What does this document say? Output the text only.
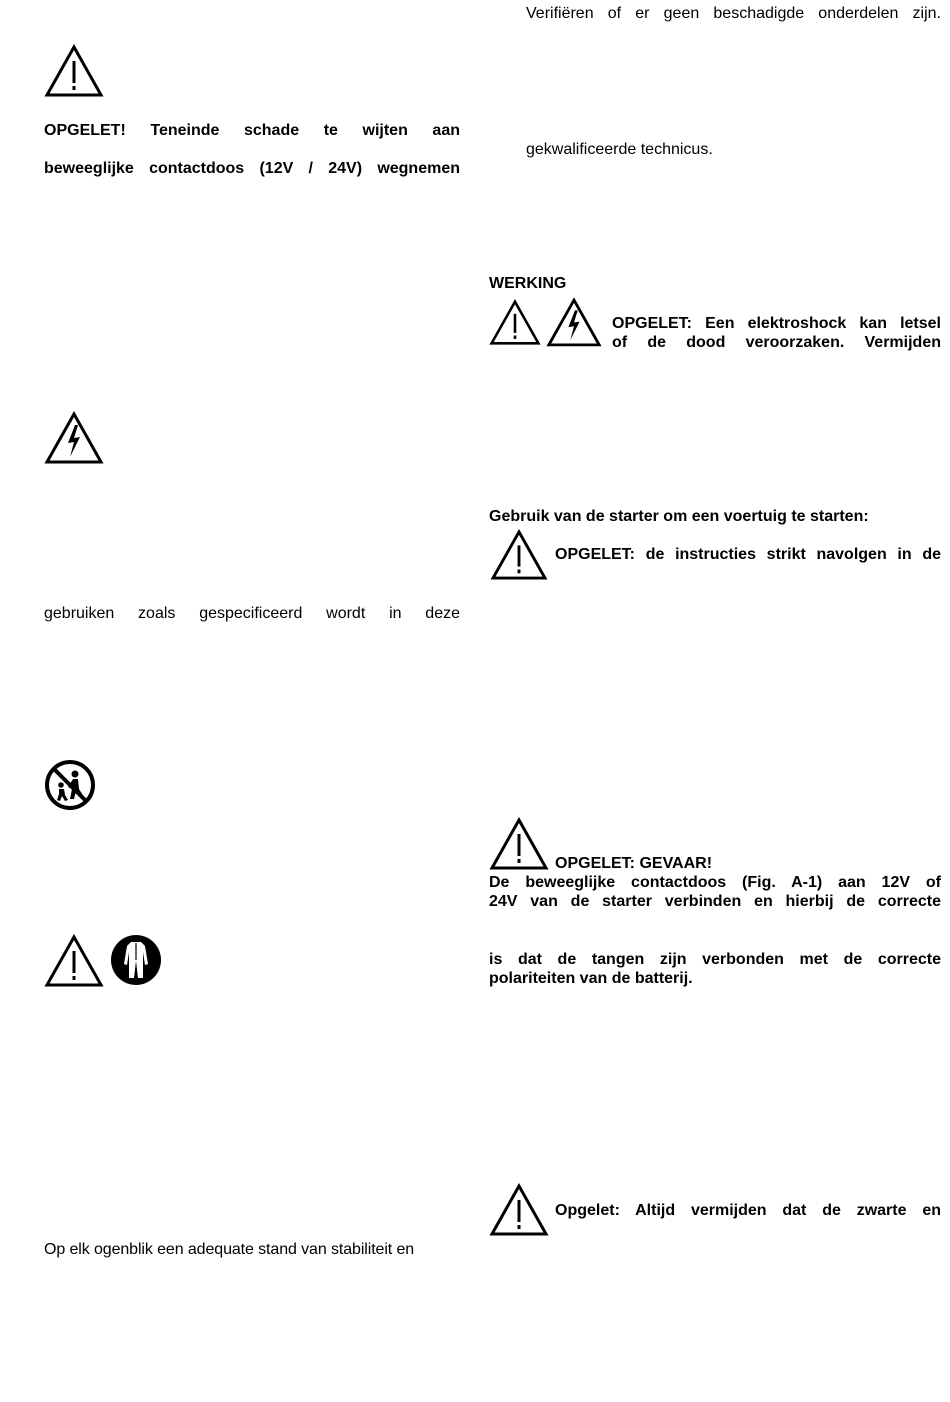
OPGELET! Teneinde schade te wijten aan
beweeglijke contactdoos (12V / 24V) wegnemen
gebruiken zoals gespecificeerd wordt in deze
Op elk ogenblik een adequate stand van stabiliteit en
Verifiëren of er geen beschadigde onderdelen zijn.
gekwalificeerde technicus.
WERKING
OPGELET: Een elektroshock kan letsel
of de dood veroorzaken. Vermijden
Gebruik van de starter om een voertuig te starten:
OPGELET: de instructies strikt navolgen in de
OPGELET: GEVAAR!
De beweeglijke contactdoos (Fig. A-1) aan 12V of
24V van de starter verbinden en hierbij de correcte
is dat de tangen zijn verbonden met de correcte
polariteiten van de batterij.
Opgelet: Altijd vermijden dat de zwarte en
